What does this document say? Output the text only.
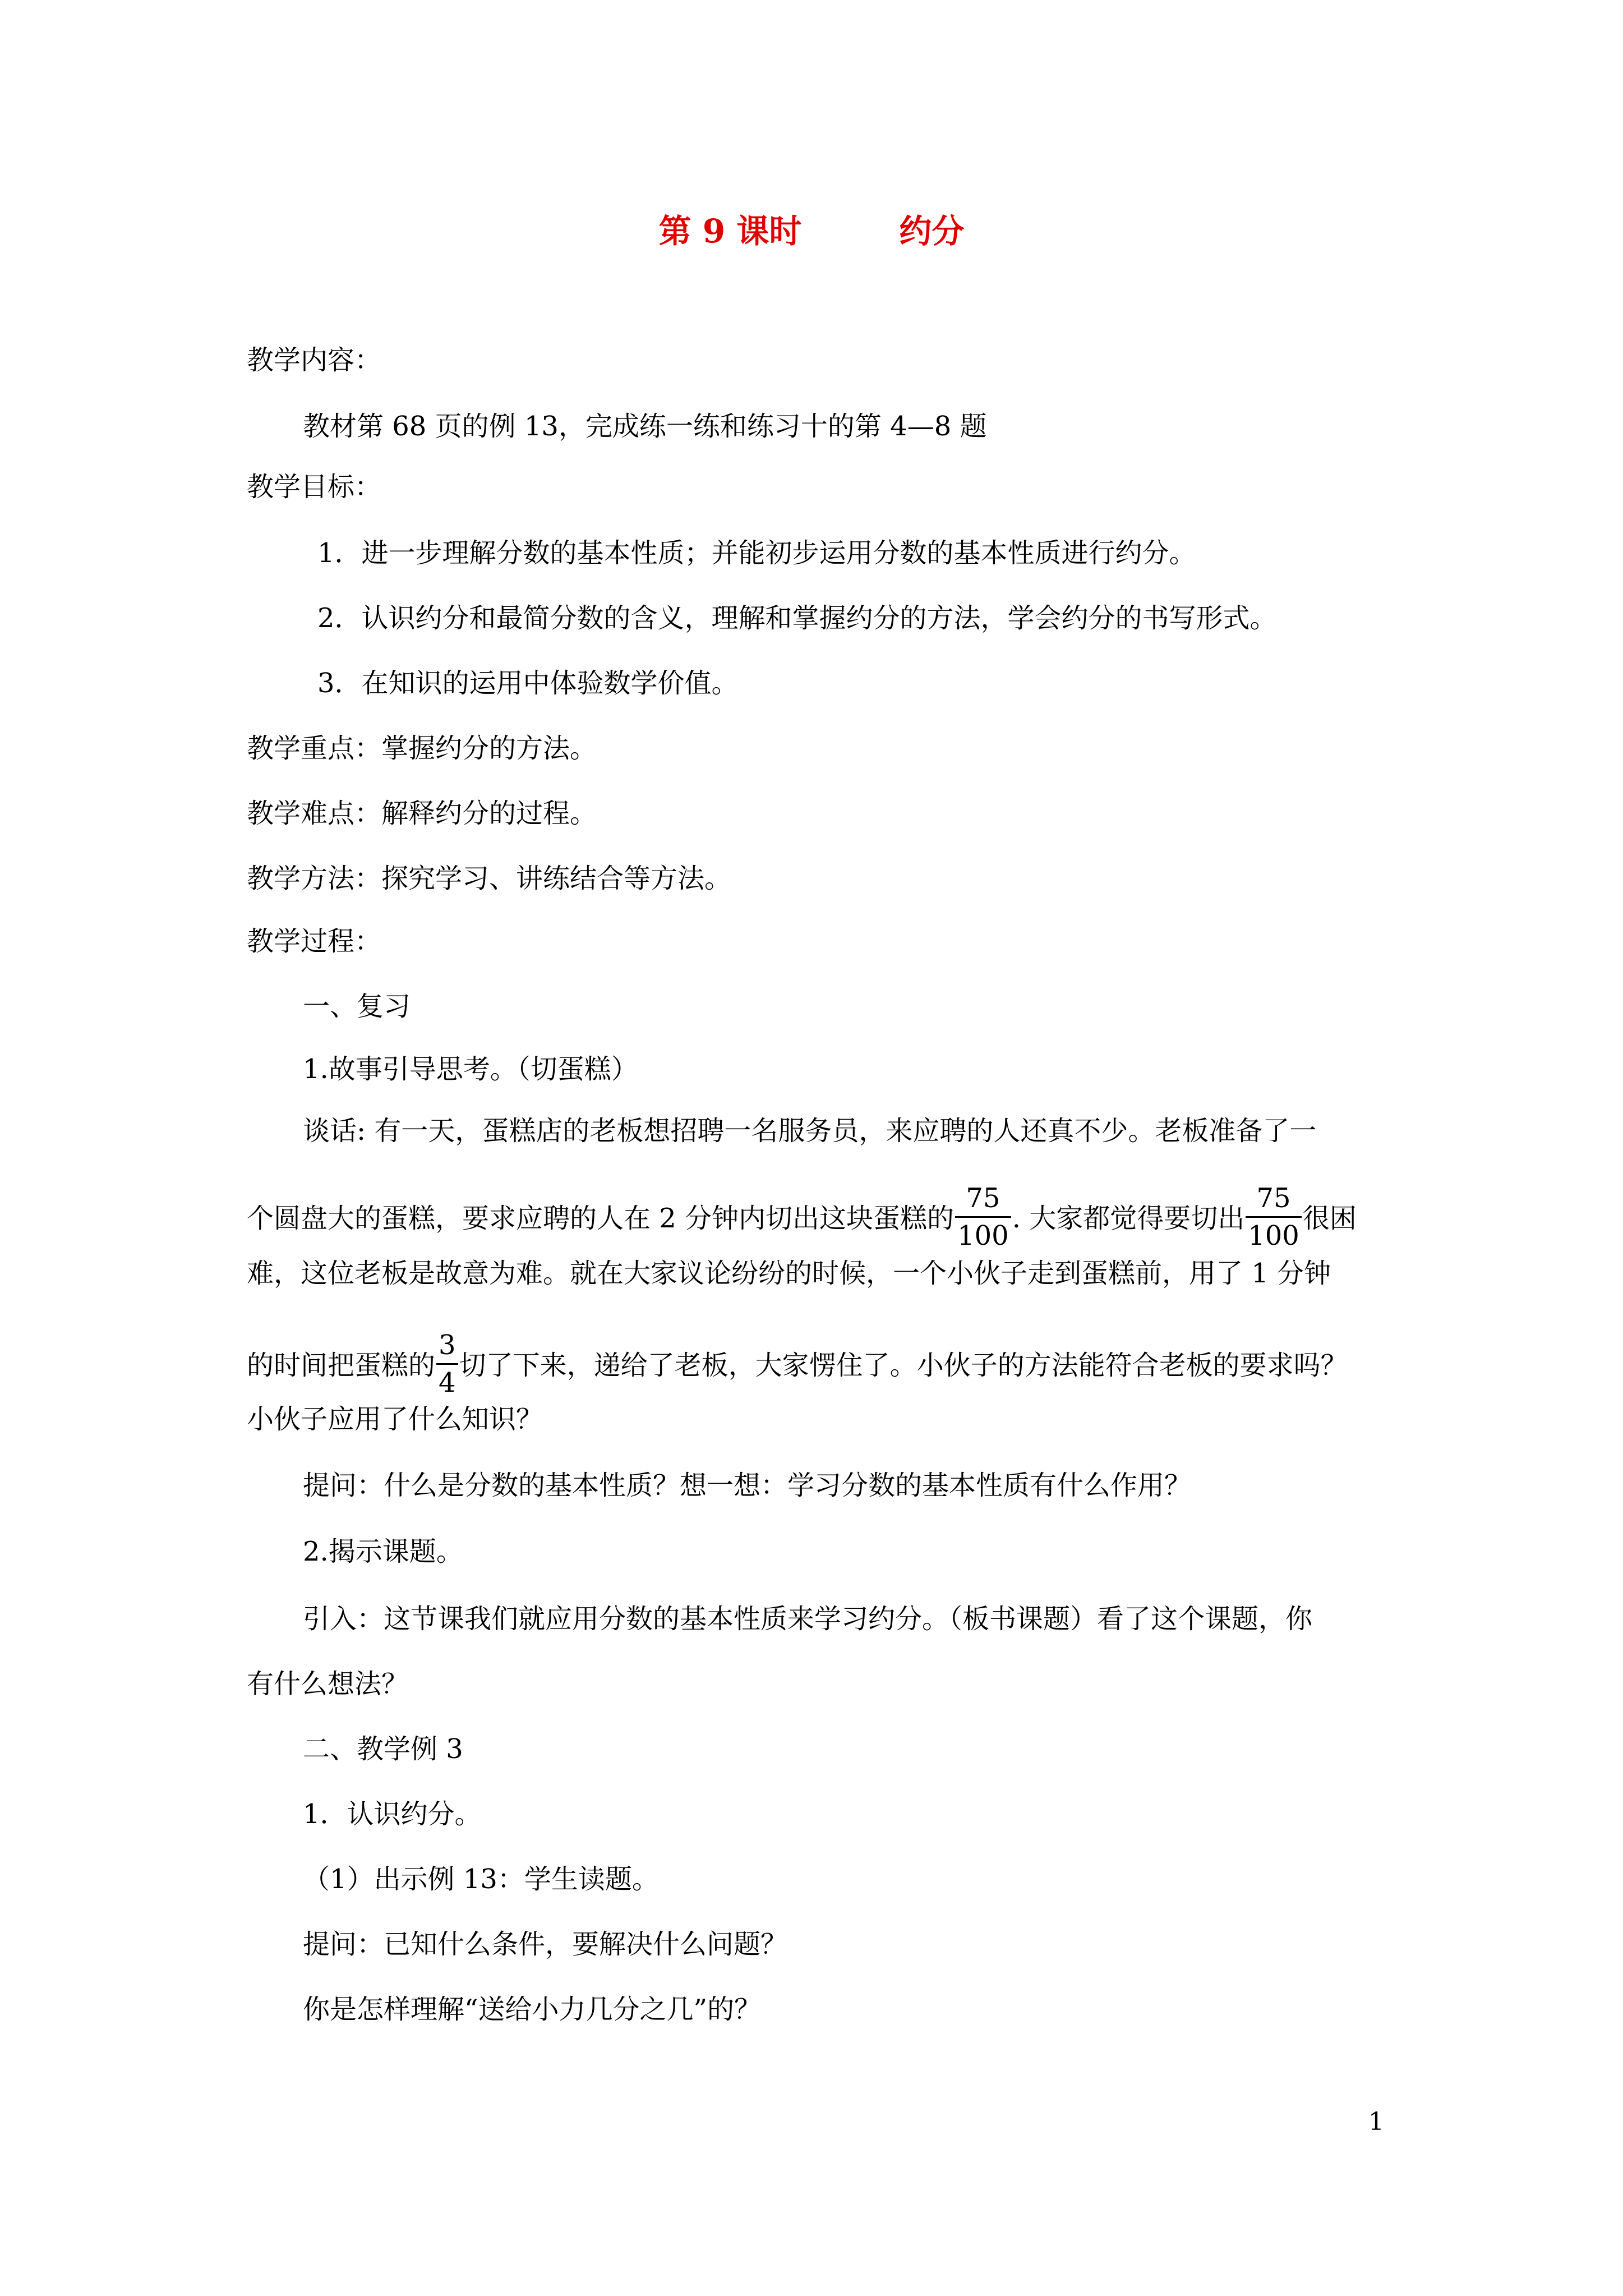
第 9 课时　　　约分
教学内容：
教材第 68 页的例 13，完成练一练和练习十的第 4—8 题
教学目标：
1．进一步理解分数的基本性质；并能初步运用分数的基本性质进行约分。
2．认识约分和最简分数的含义，理解和掌握约分的方法，学会约分的书写形式。
3．在知识的运用中体验数学价值。
教学重点：掌握约分的方法。
教学难点：解释约分的过程。
教学方法：探究学习、讲练结合等方法。
教学过程：
一、复习
1.故事引导思考。（切蛋糕）
谈话: 有一天，蛋糕店的老板想招聘一名服务员，来应聘的人还真不少。老板准备了一
个圆盘大的蛋糕，要求应聘的人在 2 分钟内切出这块蛋糕的 $\frac{75}{100}$ . 大家都觉得要切出 $\frac{75}{100}$ 很困
难，这位老板是故意为难。就在大家议论纷纷的时候，一个小伙子走到蛋糕前，用了 1 分钟
的时间把蛋糕的 $\frac{3}{4}$ 切了下来，递给了老板，大家愣住了。小伙子的方法能符合老板的要求吗？
小伙子应用了什么知识？
提问：什么是分数的基本性质？想一想：学习分数的基本性质有什么作用？
2.揭示课题。
引入：这节课我们就应用分数的基本性质来学习约分。（板书课题）看了这个课题，你
有什么想法？
二、教学例 3
1．认识约分。
（1）出示例 13：学生读题。
提问：已知什么条件，要解决什么问题？
你是怎样理解“送给小力几分之几”的？
1
